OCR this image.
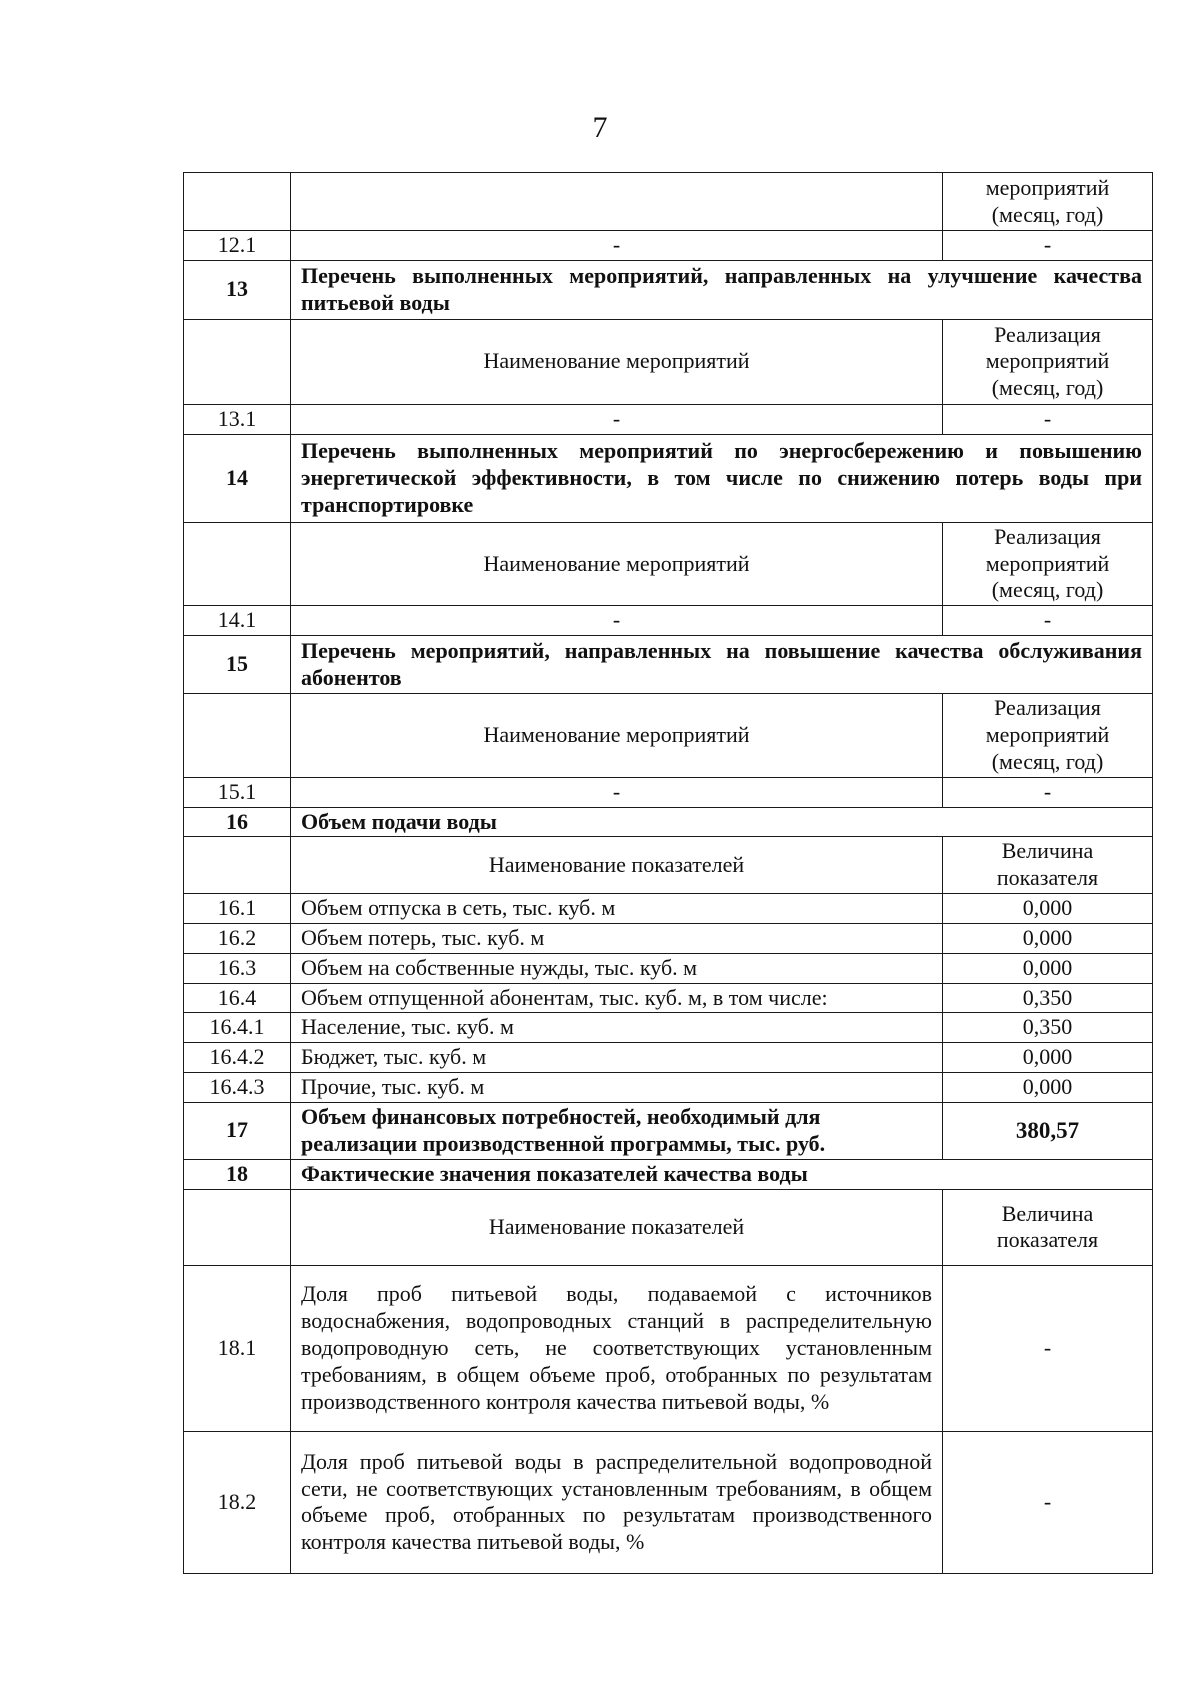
7
		мероприятий (месяц, год)
12.1	-	-
13	Перечень выполненных мероприятий, направленных на улучшение качества питьевой воды	
	Наименование мероприятий	Реализация мероприятий (месяц, год)
13.1	-	-
14	Перечень выполненных мероприятий по энергосбережению и повышению энергетической эффективности, в том числе по снижению потерь воды при транспортировке	
	Наименование мероприятий	Реализация мероприятий (месяц, год)
14.1	-	-
15	Перечень мероприятий, направленных на повышение качества обслуживания абонентов	
	Наименование мероприятий	Реализация мероприятий (месяц, год)
15.1	-	-
16	Объем подачи воды	
	Наименование показателей	Величина показателя
16.1	Объем отпуска в сеть, тыс. куб. м	0,000
16.2	Объем потерь, тыс. куб. м	0,000
16.3	Объем на собственные нужды, тыс. куб. м	0,000
16.4	Объем отпущенной абонентам, тыс. куб. м, в том числе:	0,350
16.4.1	Население, тыс. куб. м	0,350
16.4.2	Бюджет, тыс. куб. м	0,000
16.4.3	Прочие, тыс. куб. м	0,000
17	Объем финансовых потребностей, необходимый для реализации производственной программы, тыс. руб.	380,57
18	Фактические значения показателей качества воды	
	Наименование показателей	Величина показателя
18.1	Доля проб питьевой воды, подаваемой с источников водоснабжения, водопроводных станций в распределительную водопроводную сеть, не соответствующих установленным требованиям, в общем объеме проб, отобранных по результатам производственного контроля качества питьевой воды, %	-
18.2	Доля проб питьевой воды в распределительной водопроводной сети, не соответствующих установленным требованиям, в общем объеме проб, отобранных по результатам производственного контроля качества питьевой воды, %	-
